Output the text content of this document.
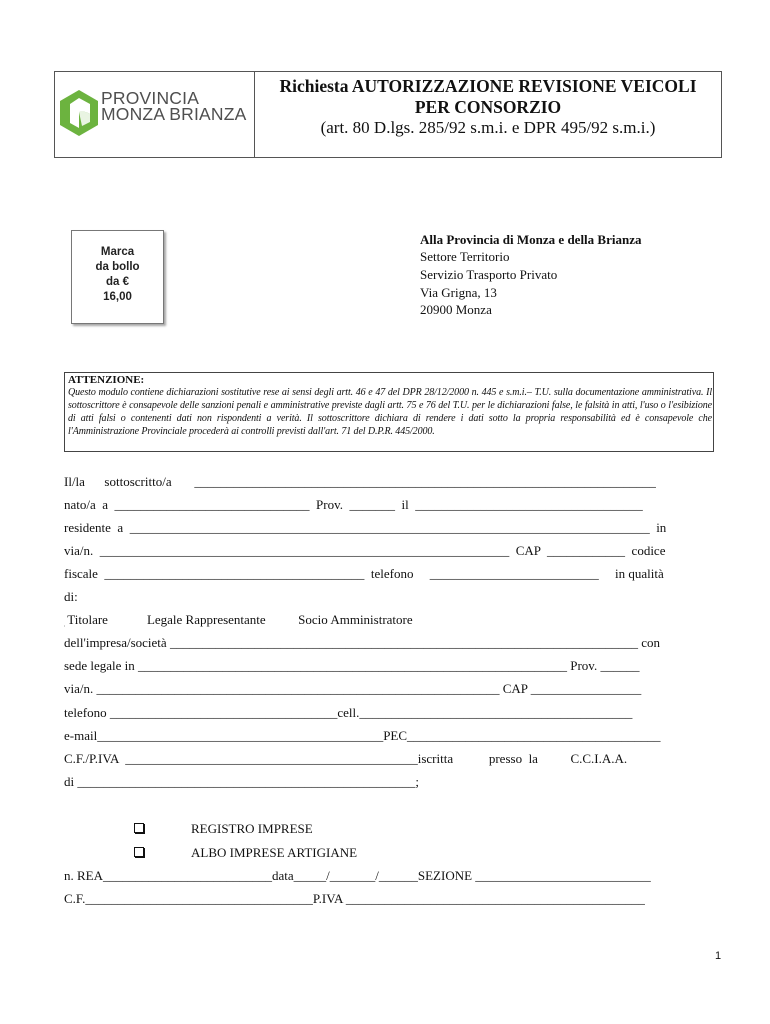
PROVINCIA
MONZA BRIANZA
Richiesta AUTORIZZAZIONE REVISIONE VEICOLI
PER CONSORZIO
(art. 80 D.lgs. 285/92 s.m.i. e DPR 495/92 s.m.i.)
Marca
da bollo
da €
16,00
Alla Provincia di Monza e della Brianza
Settore Territorio
Servizio Trasporto Privato
Via Grigna, 13
20900 Monza
ATTENZIONE:
Questo modulo contiene dichiarazioni sostitutive rese ai sensi degli artt. 46 e 47 del DPR 28/12/2000 n. 445 e s.m.i.– T.U. sulla documentazione amministrativa. Il sottoscrittore è consapevole delle sanzioni penali e amministrative previste dagli artt. 75 e 76 del T.U. per le dichiarazioni false, le falsità in atti, l'uso o l'esibizione di atti falsi o contenenti dati non rispondenti a verità. Il sottoscrittore dichiara di rendere i dati sotto la propria responsabilità ed è consapevole che l'Amministrazione Provinciale procederà ai controlli previsti dall'art. 71 del D.P.R. 445/2000.
Il/la      sottoscritto/a       _______________________________________________________________________
nato/a  a  ______________________________  Prov.  _______  il  ___________________________________
residente  a  ________________________________________________________________________________  in
via/n.  _______________________________________________________________  CAP  ____________  codice
fiscale  ________________________________________  telefono     __________________________     in qualità
di:
ׅ Titolare            Legale Rappresentante          Socio Amministratore
dell'impresa/società ________________________________________________________________________ con
sede legale in __________________________________________________________________ Prov. ______
via/n. ______________________________________________________________ CAP _________________
telefono ___________________________________cell.__________________________________________
e-mail____________________________________________PEC_______________________________________
C.F./P.IVA  _____________________________________________iscritta           presso  la          C.C.I.A.A.
di ____________________________________________________;
REGISTRO IMPRESE
ALBO IMPRESE ARTIGIANE
n. REA__________________________data_____/_______/______SEZIONE ___________________________
C.F.___________________________________P.IVA ______________________________________________
1
